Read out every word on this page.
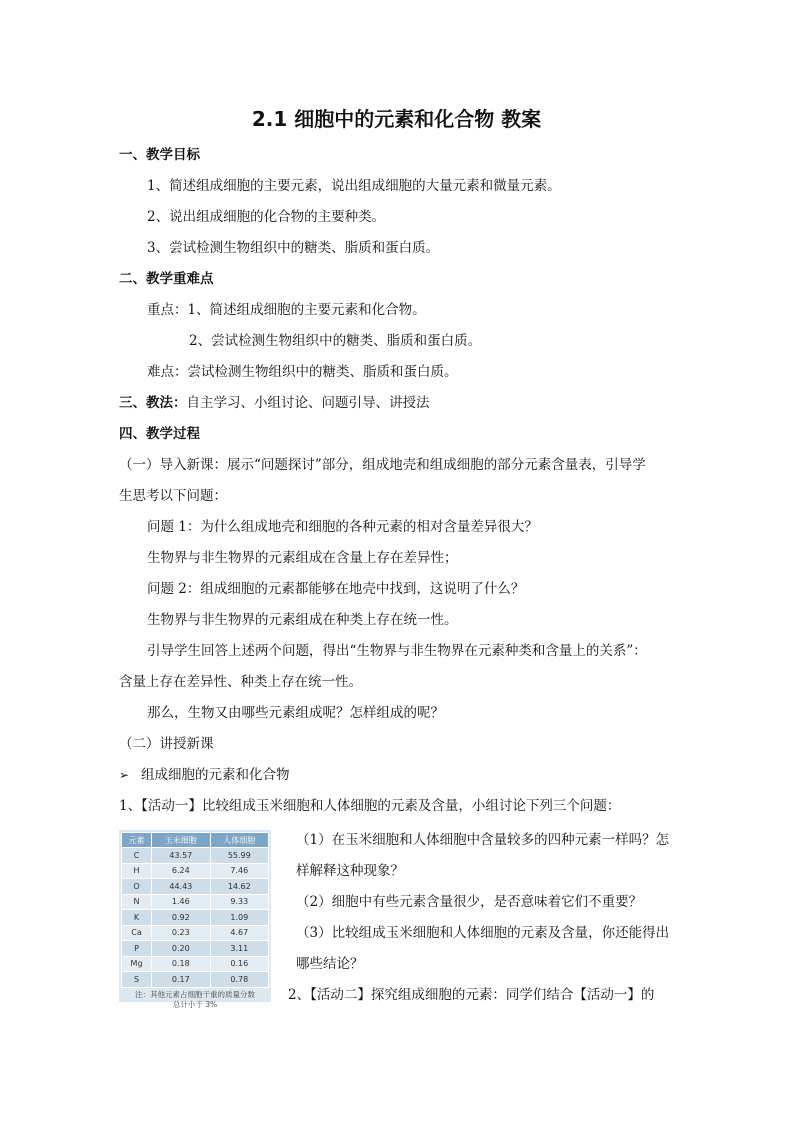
2.1 细胞中的元素和化合物 教案
一、教学目标
1、简述组成细胞的主要元素，说出组成细胞的大量元素和微量元素。
2、说出组成细胞的化合物的主要种类。
3、尝试检测生物组织中的糖类、脂质和蛋白质。
二、教学重难点
重点：1、简述组成细胞的主要元素和化合物。
2、尝试检测生物组织中的糖类、脂质和蛋白质。
难点：尝试检测生物组织中的糖类、脂质和蛋白质。
三、教法：自主学习、小组讨论、问题引导、讲授法
四、教学过程
（一）导入新课：展示“问题探讨”部分，组成地壳和组成细胞的部分元素含量表，引导学
生思考以下问题：
问题 1：为什么组成地壳和细胞的各种元素的相对含量差异很大？
生物界与非生物界的元素组成在含量上存在差异性；
问题 2：组成细胞的元素都能够在地壳中找到，这说明了什么？
生物界与非生物界的元素组成在种类上存在统一性。
引导学生回答上述两个问题，得出“生物界与非生物界在元素种类和含量上的关系”：
含量上存在差异性、种类上存在统一性。
那么，生物又由哪些元素组成呢？怎样组成的呢？
（二）讲授新课
➢ 组成细胞的元素和化合物
1、【活动一】比较组成玉米细胞和人体细胞的元素及含量，小组讨论下列三个问题：
元素	玉米细胞	人体细胞
C	43.57	55.99
H	6.24	7.46
O	44.43	14.62
N	1.46	9.33
K	0.92	1.09
Ca	0.23	4.67
P	0.20	3.11
Mg	0.18	0.16
S	0.17	0.78
注：其他元素占细胞干重的质量分数
总计小于 3%
（1）在玉米细胞和人体细胞中含量较多的四种元素一样吗？怎
样解释这种现象？
（2）细胞中有些元素含量很少，是否意味着它们不重要？
（3）比较组成玉米细胞和人体细胞的元素及含量，你还能得出
哪些结论？
2、【活动二】探究组成细胞的元素：同学们结合【活动一】的
